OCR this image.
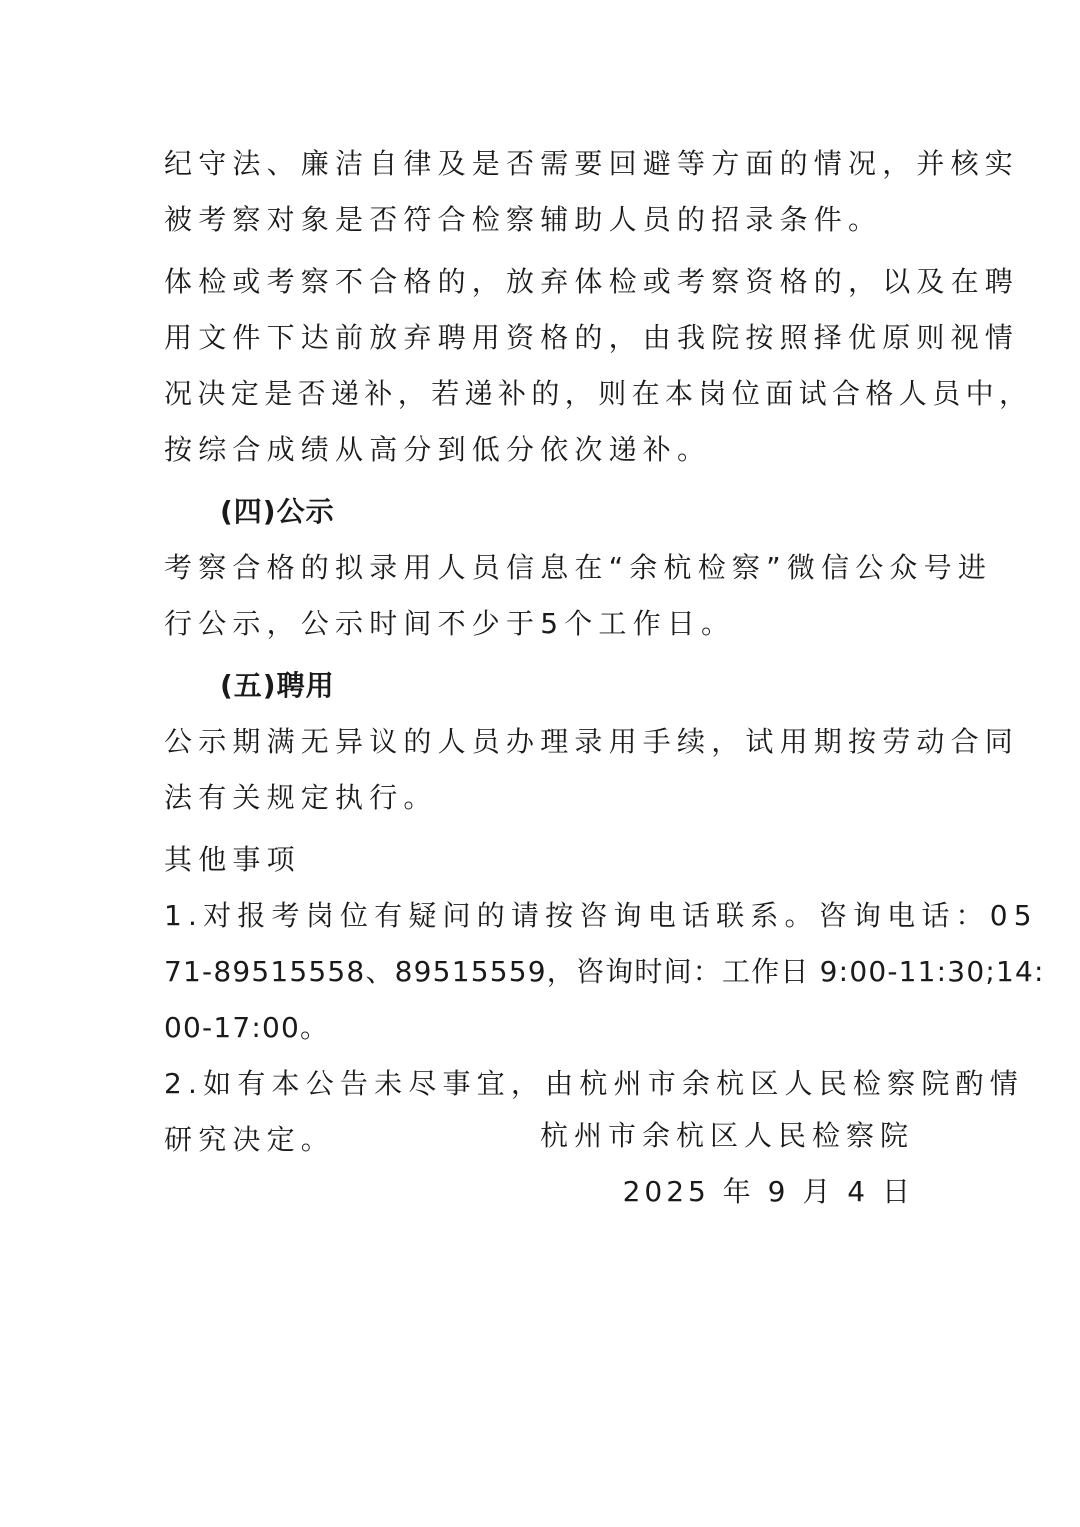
纪守法、廉洁自律及是否需要回避等方面的情况，并核实
被考察对象是否符合检察辅助人员的招录条件。
体检或考察不合格的，放弃体检或考察资格的，以及在聘
用文件下达前放弃聘用资格的，由我院按照择优原则视情
况决定是否递补，若递补的，则在本岗位面试合格人员中，
按综合成绩从高分到低分依次递补。
(四)公示
考察合格的拟录用人员信息在“余杭检察”微信公众号进
行公示，公示时间不少于5个工作日。
(五)聘用
公示期满无异议的人员办理录用手续，试用期按劳动合同
法有关规定执行。
其他事项
1.对报考岗位有疑问的请按咨询电话联系。咨询电话：05
71-89515558、89515559，咨询时间：工作日 9:00-11:30;14:
00-17:00。
2.如有本公告未尽事宜，由杭州市余杭区人民检察院酌情
研究决定。	杭州市余杭区人民检察院
2025 年 9 月 4 日
